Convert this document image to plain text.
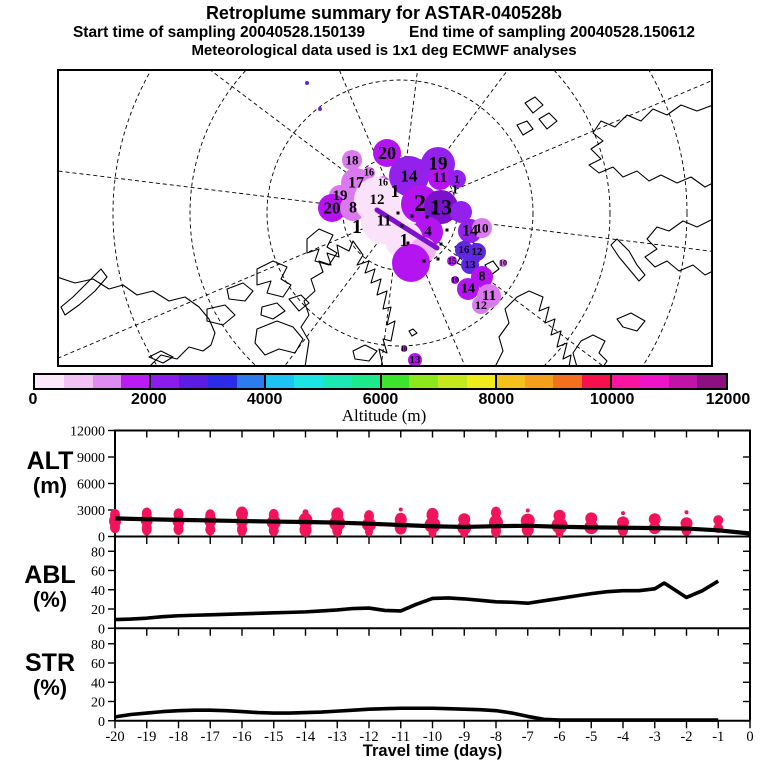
Retroplume summary for ASTAR-040528b
Start time of sampling 20040528.150139	End time of sampling 20040528.150612
Meteorological data used is 1x1 deg ECMWF analyses
18 20
19
17
16
16
19
20 8 12
11
14 11 1
2 13
4
1	14
10
16 12
13
15	10
10 8
14 11
12
13
10
1
1	1
0	2000	4000	6000	8000	10000	12000
Altitude (m)
0
3000
6000
9000
12000
0
20
40
60
80
0
20
40
60
80
-20 -19 -18 -17 -16 -15 -14 -13 -12 -11 -10 -9 -8 -7 -6 -5 -4 -3 -2 -1 0
ALT
(m)
ABL
(%)
STR
(%)
Travel time (days)
